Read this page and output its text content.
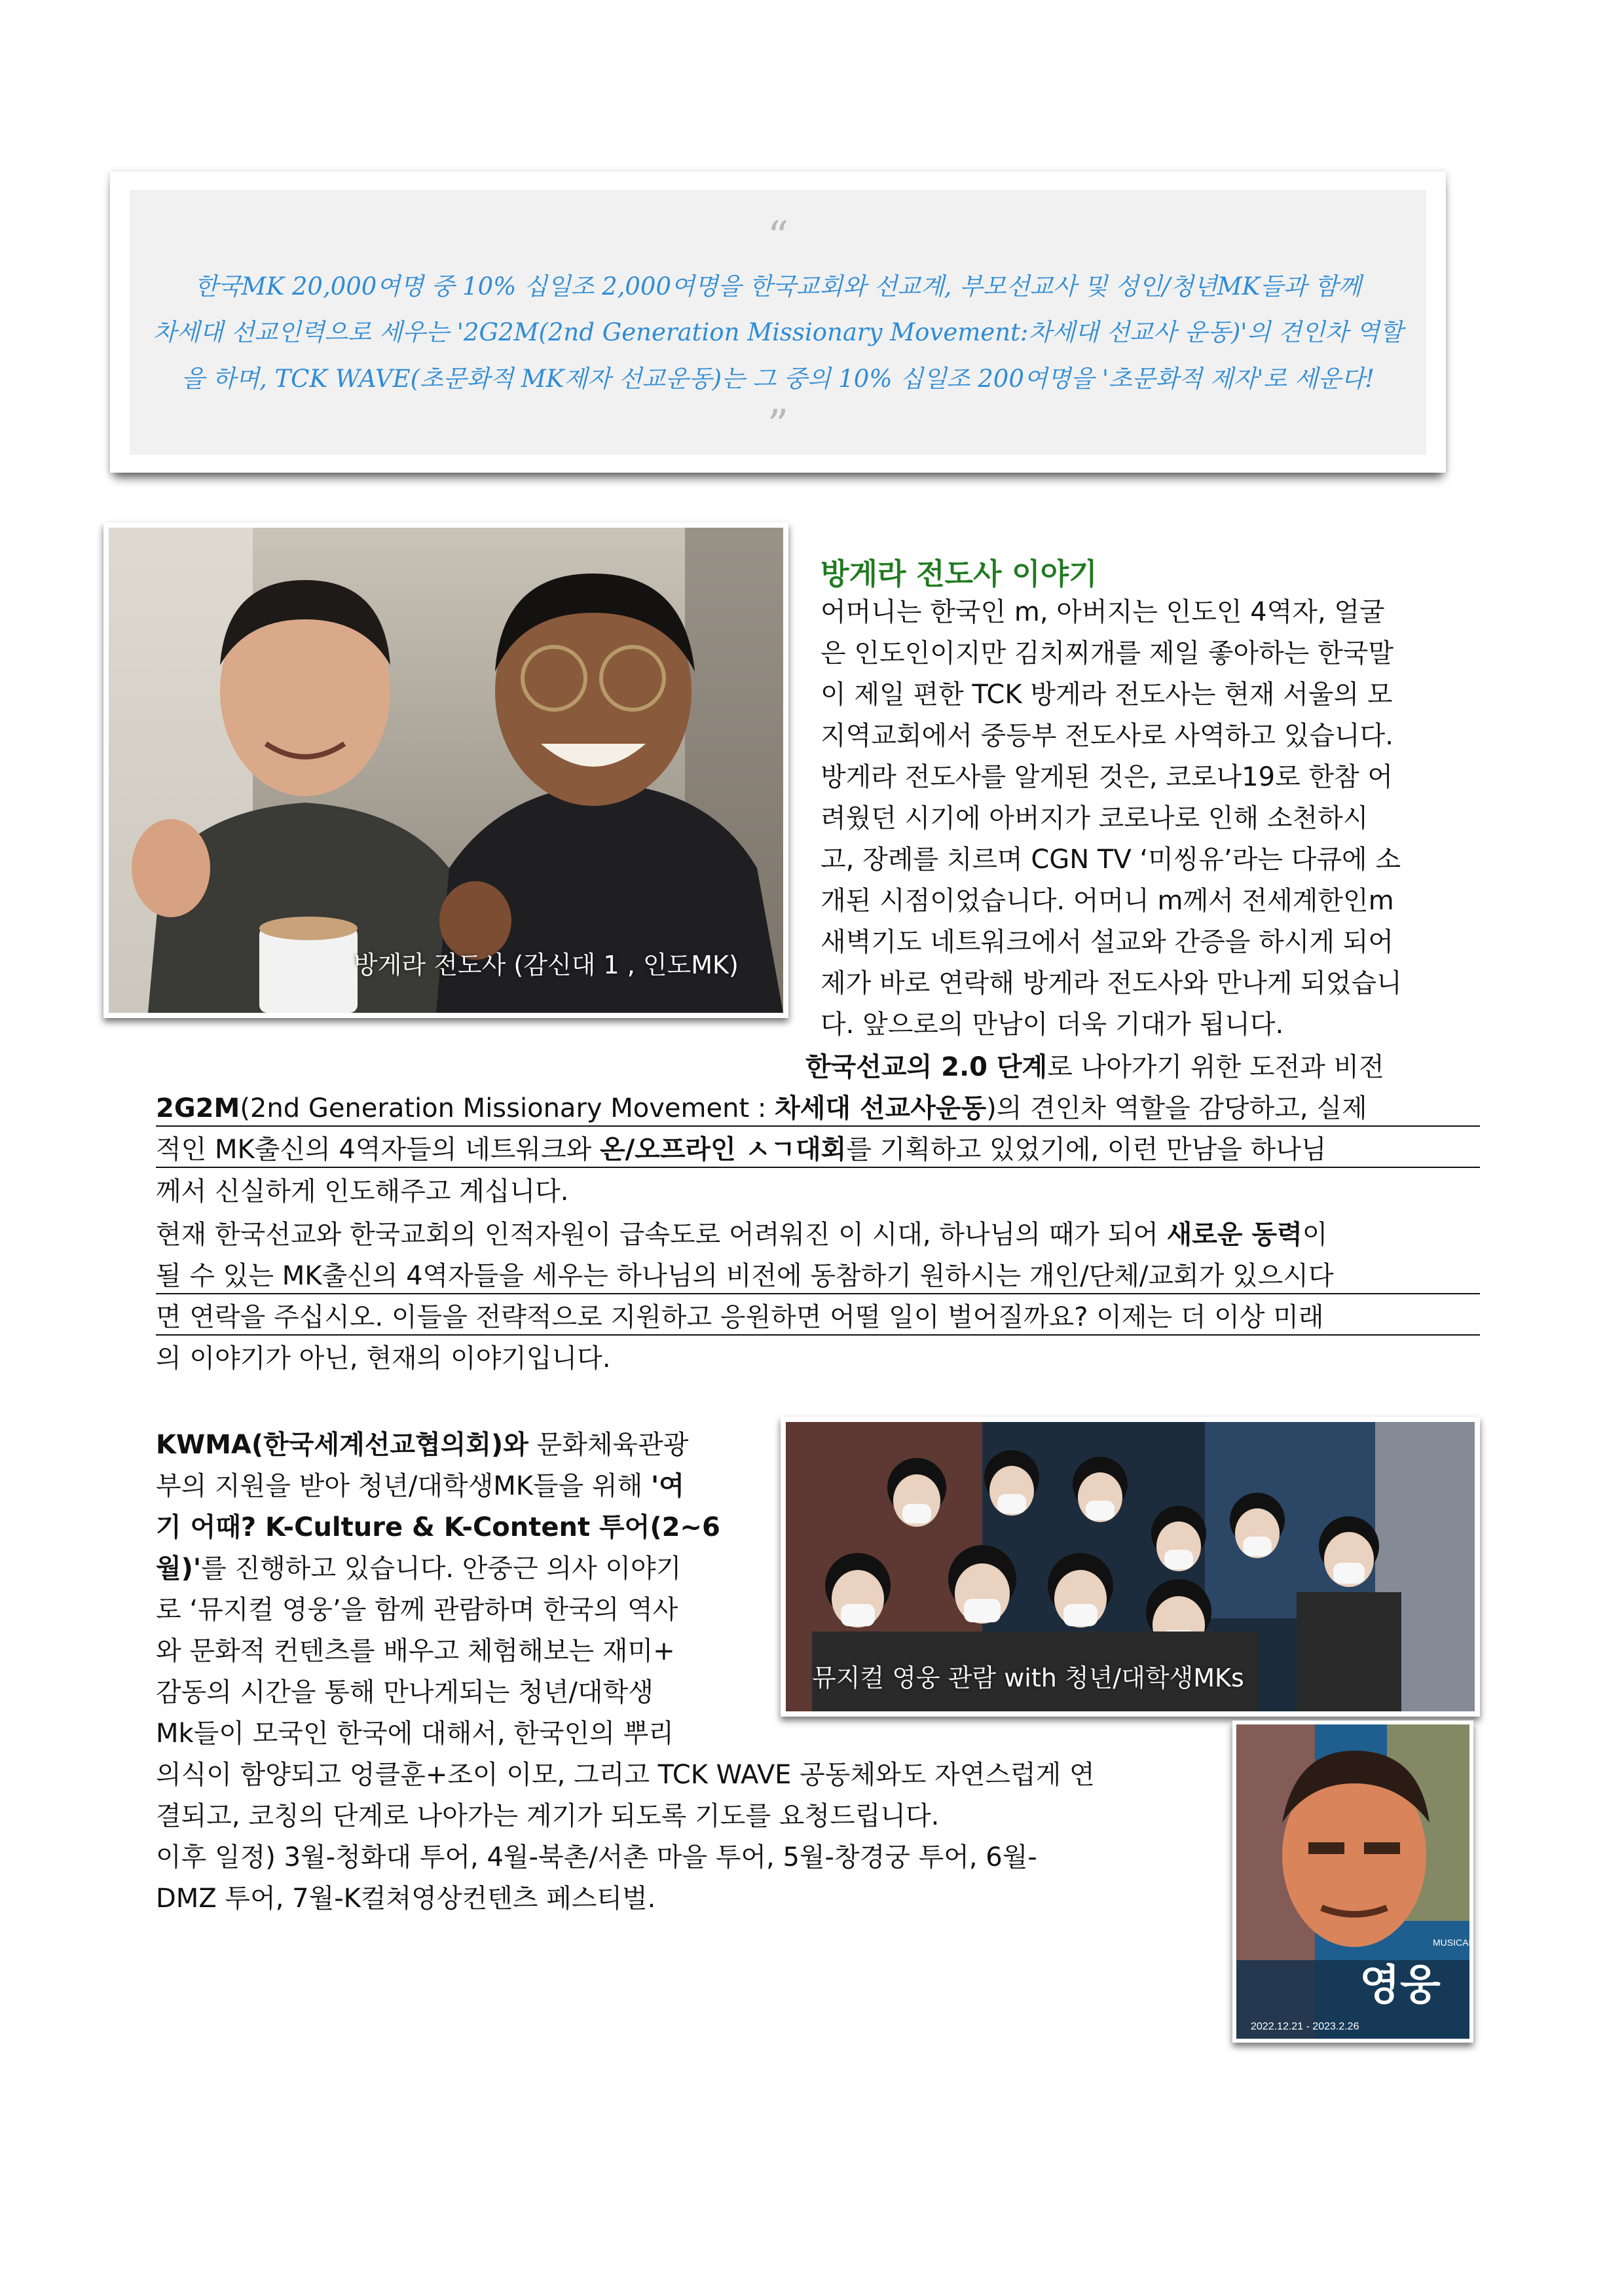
“
한국MK 20,000여명 중 10% 십일조 2,000여명을 한국교회와 선교계, 부모선교사 및 성인/청년MK들과 함께
차세대 선교인력으로 세우는 '2G2M(2nd Generation Missionary Movement:차세대 선교사 운동)'의 견인차 역할
을 하며, TCK WAVE(초문화적 MK제자 선교운동)는 그 중의 10% 십일조 200여명을 '초문화적 제자'로 세운다!
”
방게라 전도사 (감신대 1 , 인도MK)
방게라 전도사 이야기
어머니는 한국인 m, 아버지는 인도인 4역자, 얼굴
은 인도인이지만 김치찌개를 제일 좋아하는 한국말
이 제일 편한 TCK 방게라 전도사는 현재 서울의 모
지역교회에서 중등부 전도사로 사역하고 있습니다.
방게라 전도사를 알게된 것은, 코로나19로 한참 어
려웠던 시기에 아버지가 코로나로 인해 소천하시
고, 장례를 치르며 CGN TV ‘미씽유’라는 다큐에 소
개된 시점이었습니다. 어머니 m께서 전세계한인m
새벽기도 네트워크에서 설교와 간증을 하시게 되어
제가 바로 연락해 방게라 전도사와 만나게 되었습니
다. 앞으로의 만남이 더욱 기대가 됩니다.
한국선교의 2.0 단계로 나아가기 위한 도전과 비전
2G2M(2nd Generation Missionary Movement : 차세대 선교사운동)의 견인차 역할을 감당하고, 실제
적인 MK출신의 4역자들의 네트워크와 온/오프라인 ㅅㄱ대회를 기획하고 있었기에, 이런 만남을 하나님
께서 신실하게 인도해주고 계십니다.
현재 한국선교와 한국교회의 인적자원이 급속도로 어려워진 이 시대, 하나님의 때가 되어 새로운 동력이
될 수 있는 MK출신의 4역자들을 세우는 하나님의 비전에 동참하기 원하시는 개인/단체/교회가 있으시다
면 연락을 주십시오. 이들을 전략적으로 지원하고 응원하면 어떨 일이 벌어질까요? 이제는 더 이상 미래
의 이야기가 아닌, 현재의 이야기입니다.
KWMA(한국세계선교협의회)와 문화체육관광
부의 지원을 받아 청년/대학생MK들을 위해 '여
기 어때? K-Culture & K-Content 투어(2~6
월)'를 진행하고 있습니다. 안중근 의사 이야기
로 ‘뮤지컬 영웅’을 함께 관람하며 한국의 역사
와 문화적 컨텐츠를 배우고 체험해보는 재미+
감동의 시간을 통해 만나게되는 청년/대학생
Mk들이 모국인 한국에 대해서, 한국인의 뿌리
의식이 함양되고 엉클훈+조이 이모, 그리고 TCK WAVE 공동체와도 자연스럽게 연
결되고, 코칭의 단계로 나아가는 계기가 되도록 기도를 요청드립니다.
이후 일정) 3월-청화대 투어, 4월-북촌/서촌 마을 투어, 5월-창경궁 투어, 6월-
DMZ 투어, 7월-K컬쳐영상컨텐츠 페스티벌.
뮤지컬 영웅 관람 with 청년/대학생MKs
MUSICAL
영웅
2022.12.21 - 2023.2.26
